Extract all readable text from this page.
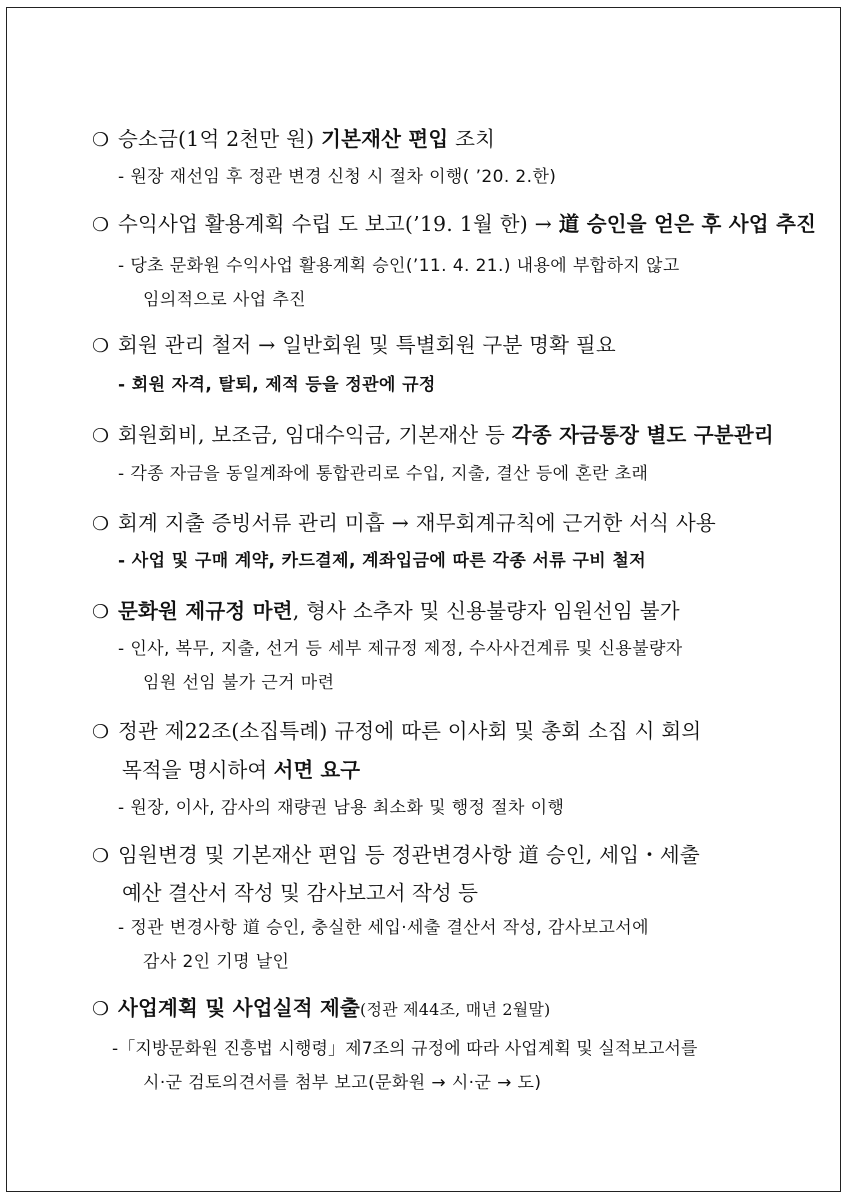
❍ 승소금(1억 2천만 원) 기본재산 편입 조치
- 원장 재선임 후 정관 변경 신청 시 절차 이행( ’20. 2.한)
❍ 수익사업 활용계획 수립 도 보고(’19. 1월 한) → 道 승인을 얻은 후 사업 추진
- 당초 문화원 수익사업 활용계획 승인(’11. 4. 21.) 내용에 부합하지 않고
임의적으로 사업 추진
❍ 회원 관리 철저 → 일반회원 및 특별회원 구분 명확 필요
- 회원 자격, 탈퇴, 제적 등을 정관에 규정
❍ 회원회비, 보조금, 임대수익금, 기본재산 등 각종 자금통장 별도 구분관리
- 각종 자금을 동일계좌에 통합관리로 수입, 지출, 결산 등에 혼란 초래
❍ 회계 지출 증빙서류 관리 미흡 → 재무회계규칙에 근거한 서식 사용
- 사업 및 구매 계약, 카드결제, 계좌입금에 따른 각종 서류 구비 철저
❍ 문화원 제규정 마련, 형사 소추자 및 신용불량자 임원선임 불가
- 인사, 복무, 지출, 선거 등 세부 제규정 제정, 수사사건계류 및 신용불량자
임원 선임 불가 근거 마련
❍ 정관 제22조(소집특례) 규정에 따른 이사회 및 총회 소집 시 회의
목적을 명시하여 서면 요구
- 원장, 이사, 감사의 재량권 남용 최소화 및 행정 절차 이행
❍ 임원변경 및 기본재산 편입 등 정관변경사항 道 승인, 세입・세출
예산 결산서 작성 및 감사보고서 작성 등
- 정관 변경사항 道 승인, 충실한 세입·세출 결산서 작성, 감사보고서에
감사 2인 기명 날인
❍ 사업계획 및 사업실적 제출(정관 제44조, 매년 2월말)
-「지방문화원 진흥법 시행령」제7조의 규정에 따라 사업계획 및 실적보고서를
시·군 검토의견서를 첨부 보고(문화원 → 시·군 → 도)
